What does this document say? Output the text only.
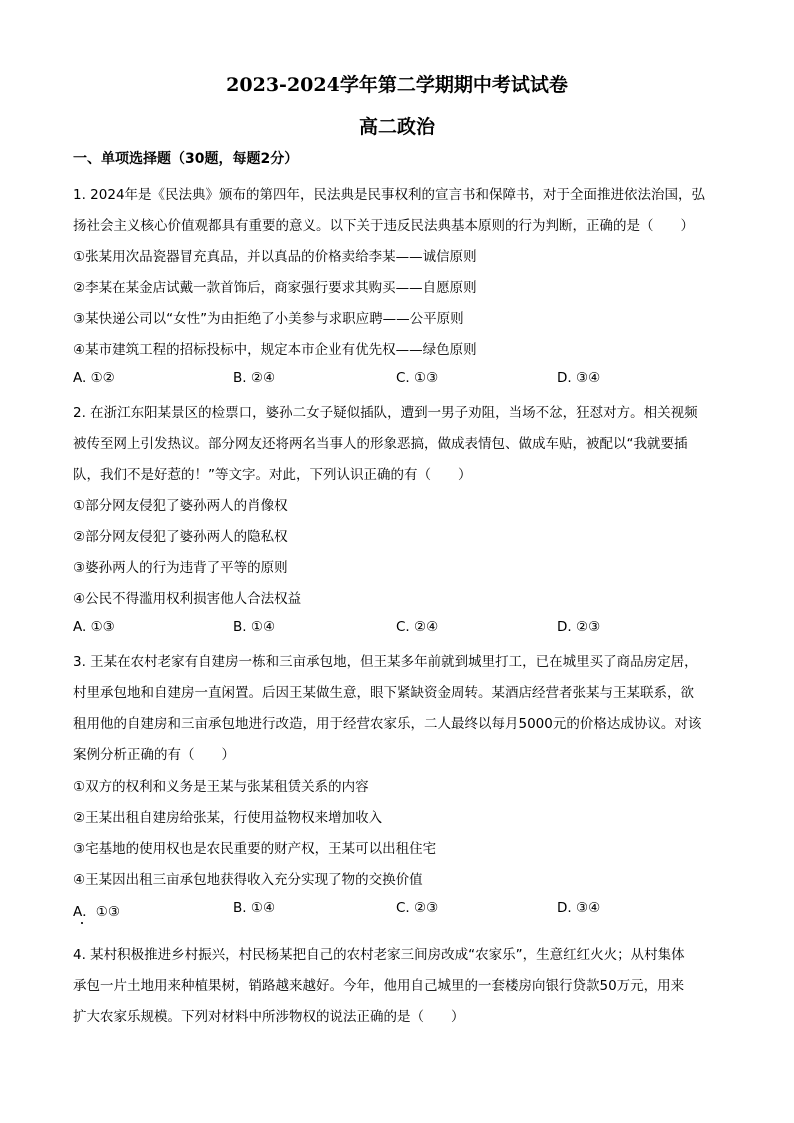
2023-2024学年第二学期期中考试试卷
高二政治
一、单项选择题（30题，每题2分）
1. 2024年是《民法典》颁布的第四年，民法典是民事权利的宣言书和保障书，对于全面推进依法治国，弘
扬社会主义核心价值观都具有重要的意义。以下关于违反民法典基本原则的行为判断，正确的是（　　）
①张某用次品瓷器冒充真品，并以真品的价格卖给李某——诚信原则
②李某在某金店试戴一款首饰后，商家强行要求其购买——自愿原则
③某快递公司以“女性”为由拒绝了小美参与求职应聘——公平原则
④某市建筑工程的招标投标中，规定本市企业有优先权——绿色原则
A. ①②	B. ②④	C. ①③	D. ③④
2. 在浙江东阳某景区的检票口，婆孙二女子疑似插队，遭到一男子劝阻，当场不忿，狂怼对方。相关视频
被传至网上引发热议。部分网友还将两名当事人的形象恶搞，做成表情包、做成车贴，被配以“我就要插
队，我们不是好惹的！”等文字。对此，下列认识正确的有（　　）
①部分网友侵犯了婆孙两人的肖像权
②部分网友侵犯了婆孙两人的隐私权
③婆孙两人的行为违背了平等的原则
④公民不得滥用权利损害他人合法权益
A. ①③	B. ①④	C. ②④	D. ②③
3. 王某在农村老家有自建房一栋和三亩承包地，但王某多年前就到城里打工，已在城里买了商品房定居，
村里承包地和自建房一直闲置。后因王某做生意，眼下紧缺资金周转。某酒店经营者张某与王某联系，欲
租用他的自建房和三亩承包地进行改造，用于经营农家乐，二人最终以每月5000元的价格达成协议。对该
案例分析正确的有（　　）
①双方的权利和义务是王某与张某租赁关系的内容
②王某出租自建房给张某，行使用益物权来增加收入
③宅基地的使用权也是农民重要的财产权，王某可以出租住宅
④王某因出租三亩承包地获得收入充分实现了物的交换价值
A．①③	B. ①④	C. ②③	D. ③④
4. 某村积极推进乡村振兴，村民杨某把自己的农村老家三间房改成“农家乐”，生意红红火火；从村集体
承包一片土地用来种植果树，销路越来越好。今年，他用自己城里的一套楼房向银行贷款50万元，用来
扩大农家乐规模。下列对材料中所涉物权的说法正确的是（　　）
